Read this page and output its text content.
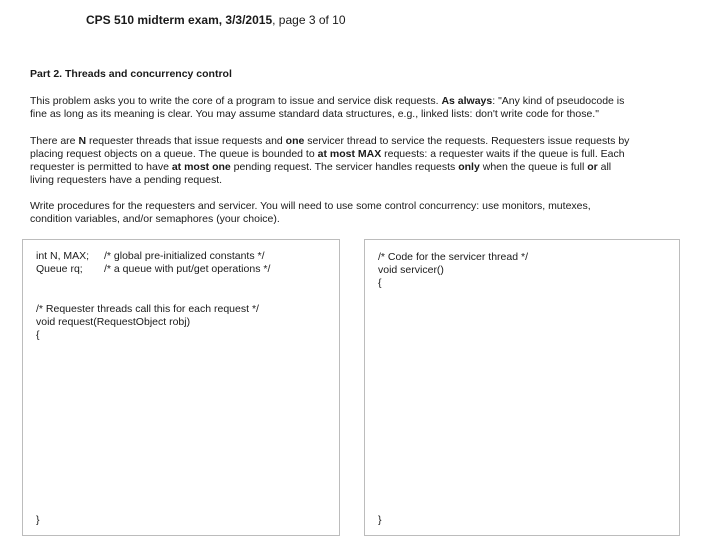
CPS 510 midterm exam, 3/3/2015, page 3 of 10
Part 2. Threads and concurrency control
This problem asks you to write the core of a program to issue and service disk requests. As always: "Any kind of pseudocode is
fine as long as its meaning is clear. You may assume standard data structures, e.g., linked lists: don't write code for those."
There are N requester threads that issue requests and one servicer thread to service the requests. Requesters issue requests by
placing request objects on a queue. The queue is bounded to at most MAX requests: a requester waits if the queue is full. Each
requester is permitted to have at most one pending request. The servicer handles requests only when the queue is full or all
living requesters have a pending request.
Write procedures for the requesters and servicer. You will need to use some control concurrency: use monitors, mutexes,
condition variables, and/or semaphores (your choice).
int N, MAX;
Queue rq;
/* global pre-initialized constants */
/* a queue with put/get operations */
/* Requester threads call this for each request */
void request(RequestObject robj)
{
}
/* Code for the servicer thread */
void servicer()
{
}
